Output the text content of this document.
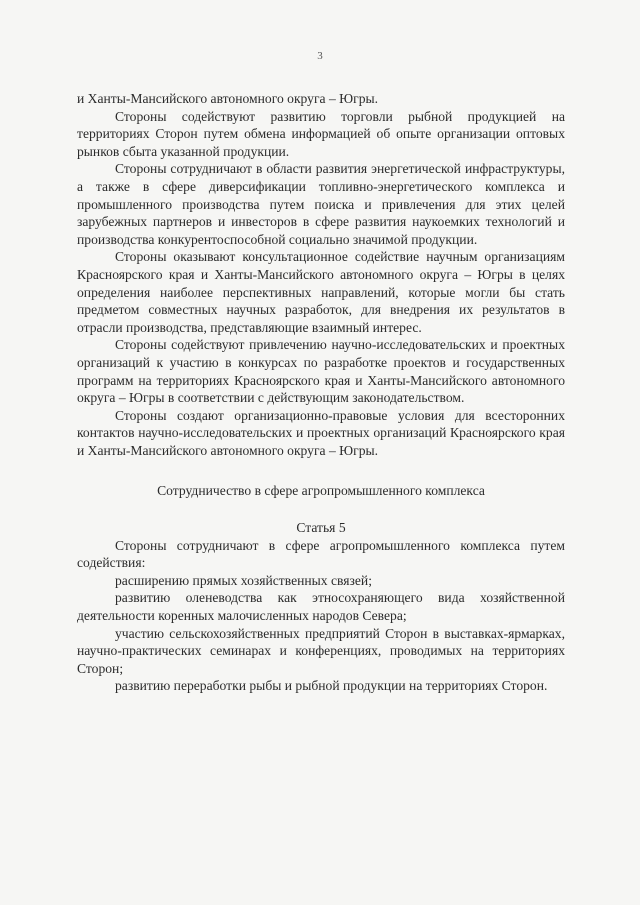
3

и Ханты-Мансийского автономного округа – Югры.

Стороны содействуют развитию торговли рыбной продукцией на территориях Сторон путем обмена информацией об опыте организации оптовых рынков сбыта указанной продукции.

Стороны сотрудничают в области развития энергетической инфраструктуры, а также в сфере диверсификации топливно-энергетического комплекса и промышленного производства путем поиска и привлечения для этих целей зарубежных партнеров и инвесторов в сфере развития наукоемких технологий и производства конкурентоспособной социально значимой продукции.

Стороны оказывают консультационное содействие научным организациям Красноярского края и Ханты-Мансийского автономного округа – Югры в целях определения наиболее перспективных направлений, которые могли бы стать предметом совместных научных разработок, для внедрения их результатов в отрасли производства, представляющие взаимный интерес.

Стороны содействуют привлечению научно-исследовательских и проектных организаций к участию в конкурсах по разработке проектов и государственных программ на территориях Красноярского края и Ханты-Мансийского автономного округа – Югры в соответствии с действующим законодательством.

Стороны создают организационно-правовые условия для всесторонних контактов научно-исследовательских и проектных организаций Красноярского края и Ханты-Мансийского автономного округа – Югры.

Сотрудничество в сфере агропромышленного комплекса

Статья 5

Стороны сотрудничают в сфере агропромышленного комплекса путем содействия:

расширению прямых хозяйственных связей;

развитию оленеводства как этносохраняющего вида хозяйственной деятельности коренных малочисленных народов Севера;

участию сельскохозяйственных предприятий Сторон в выставках-ярмарках, научно-практических семинарах и конференциях, проводимых на территориях Сторон;

развитию переработки рыбы и рыбной продукции на территориях Сторон.
